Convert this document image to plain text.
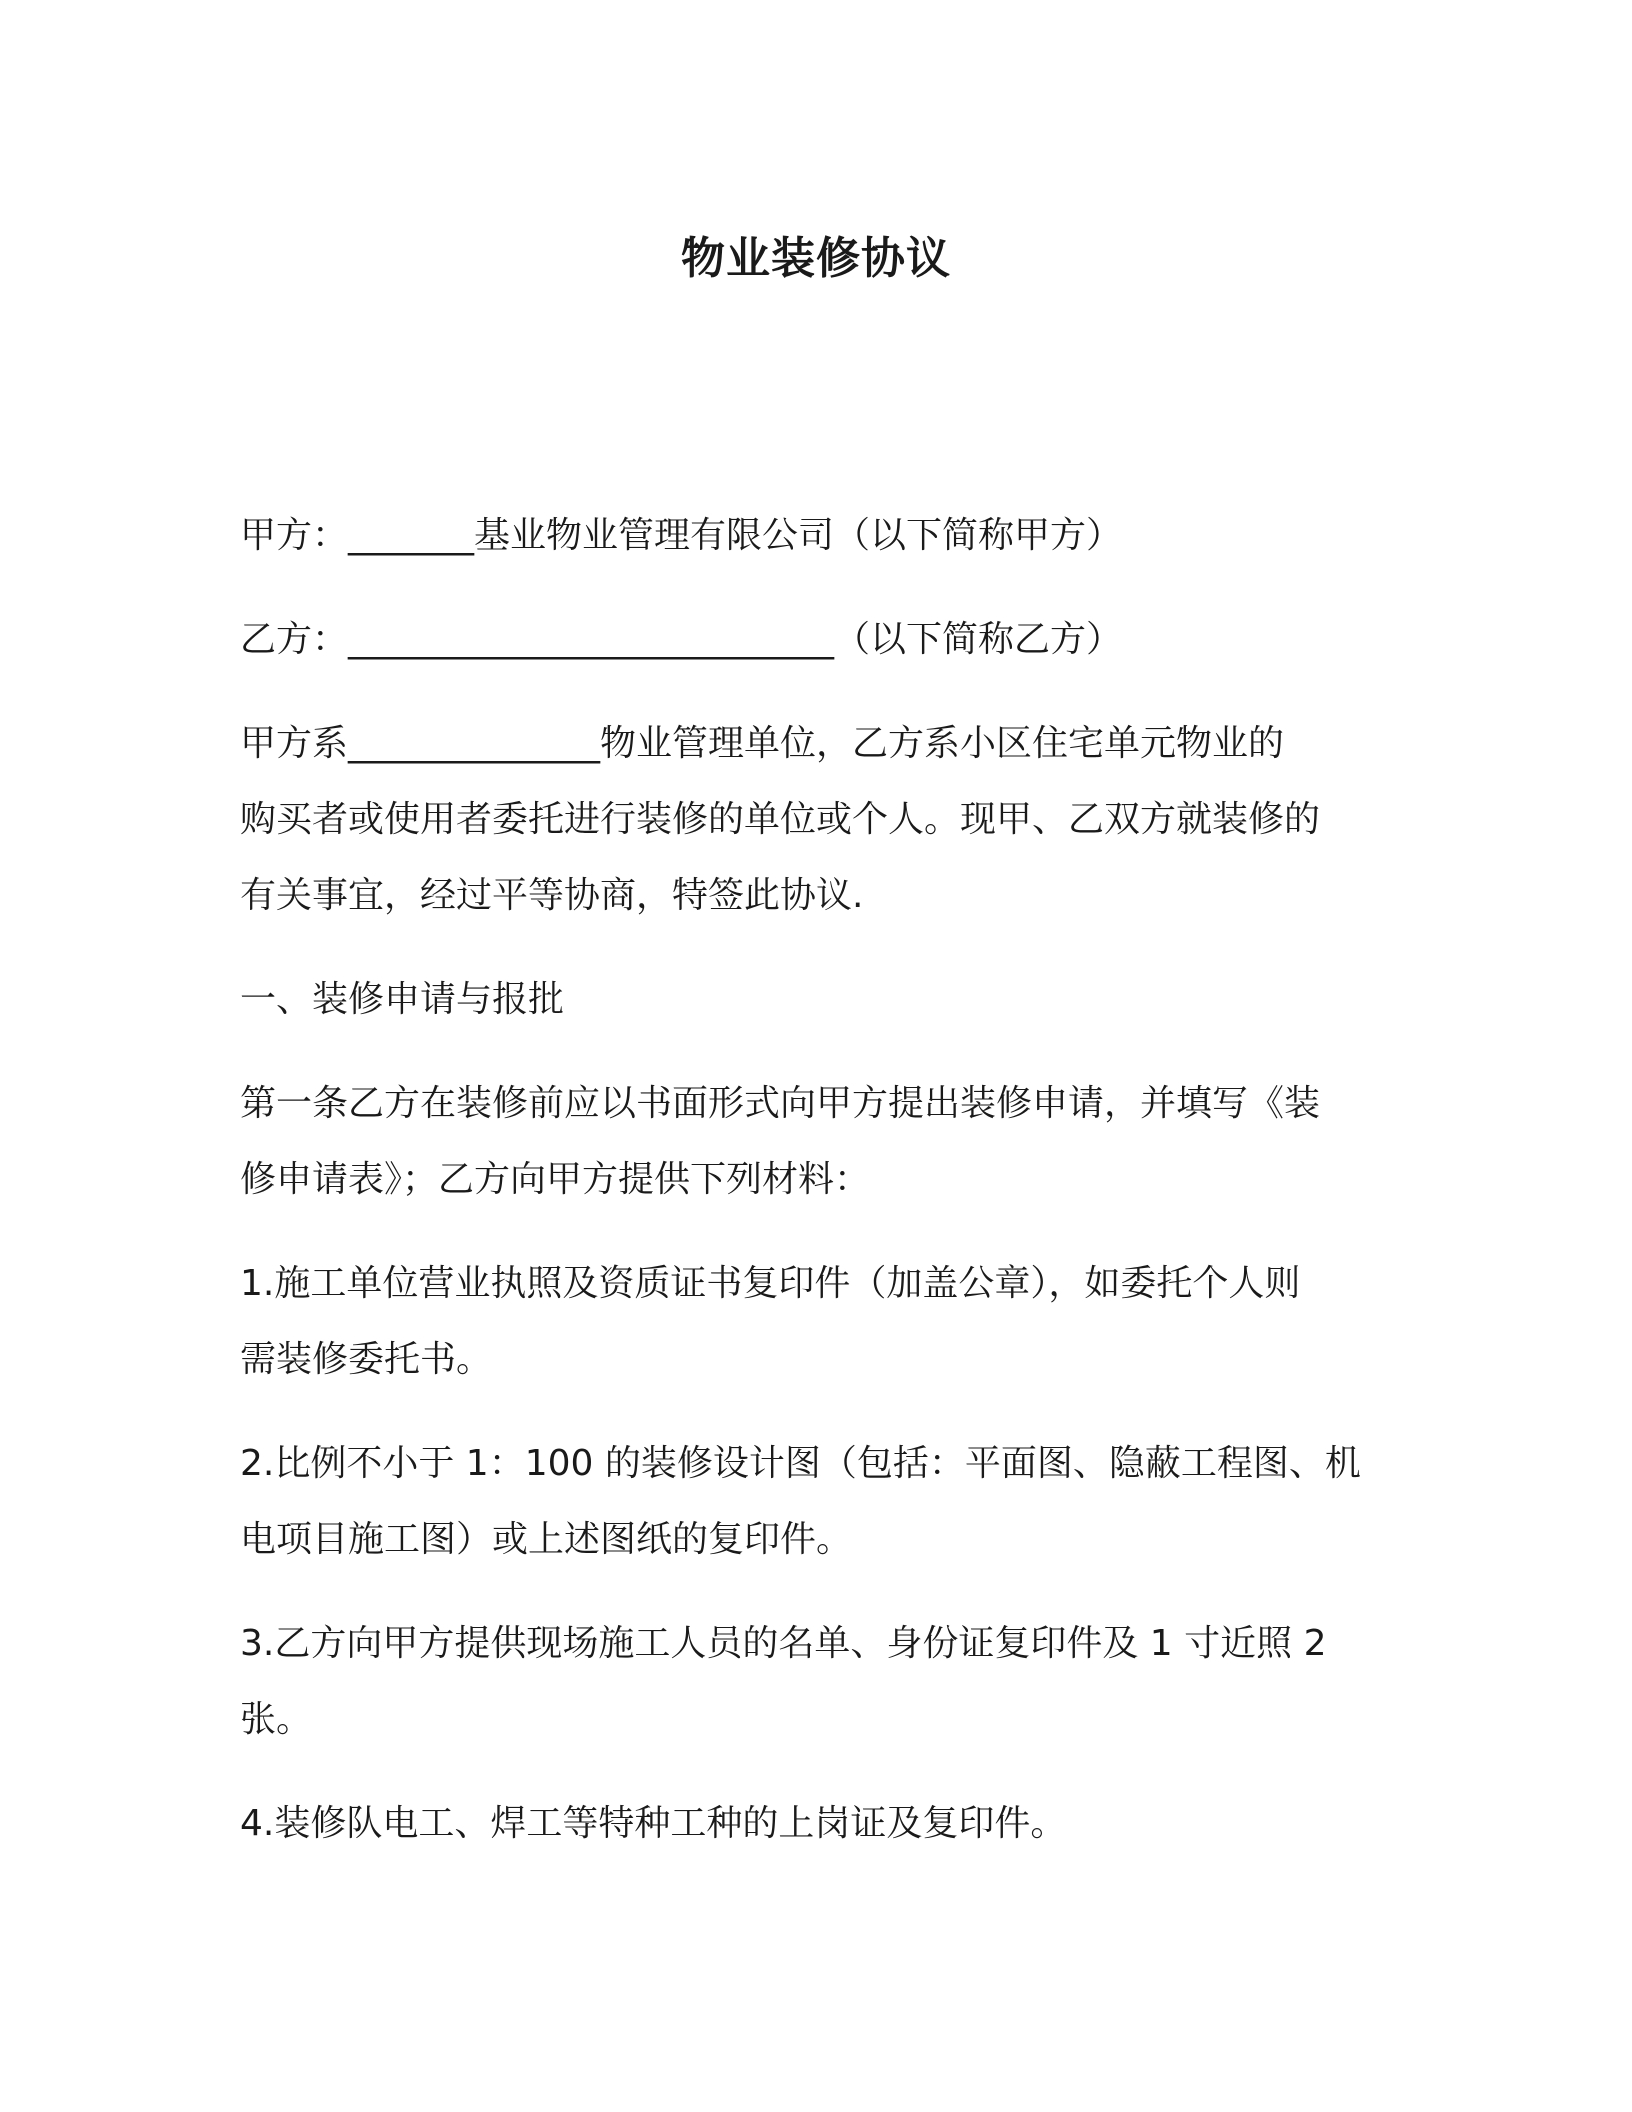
物业装修协议

甲方：_______基业物业管理有限公司（以下简称甲方）

乙方：___________________________（以下简称乙方）

甲方系______________物业管理单位，乙方系小区住宅单元物业的
购买者或使用者委托进行装修的单位或个人。现甲、乙双方就装修的
有关事宜，经过平等协商，特签此协议.

一、装修申请与报批

第一条乙方在装修前应以书面形式向甲方提出装修申请，并填写《装
修申请表》；乙方向甲方提供下列材料：

1.施工单位营业执照及资质证书复印件（加盖公章），如委托个人则
需装修委托书。

2.比例不小于 1：100 的装修设计图（包括：平面图、隐蔽工程图、机
电项目施工图）或上述图纸的复印件。

3.乙方向甲方提供现场施工人员的名单、身份证复印件及 1 寸近照 2
张。

4.装修队电工、焊工等特种工种的上岗证及复印件。
